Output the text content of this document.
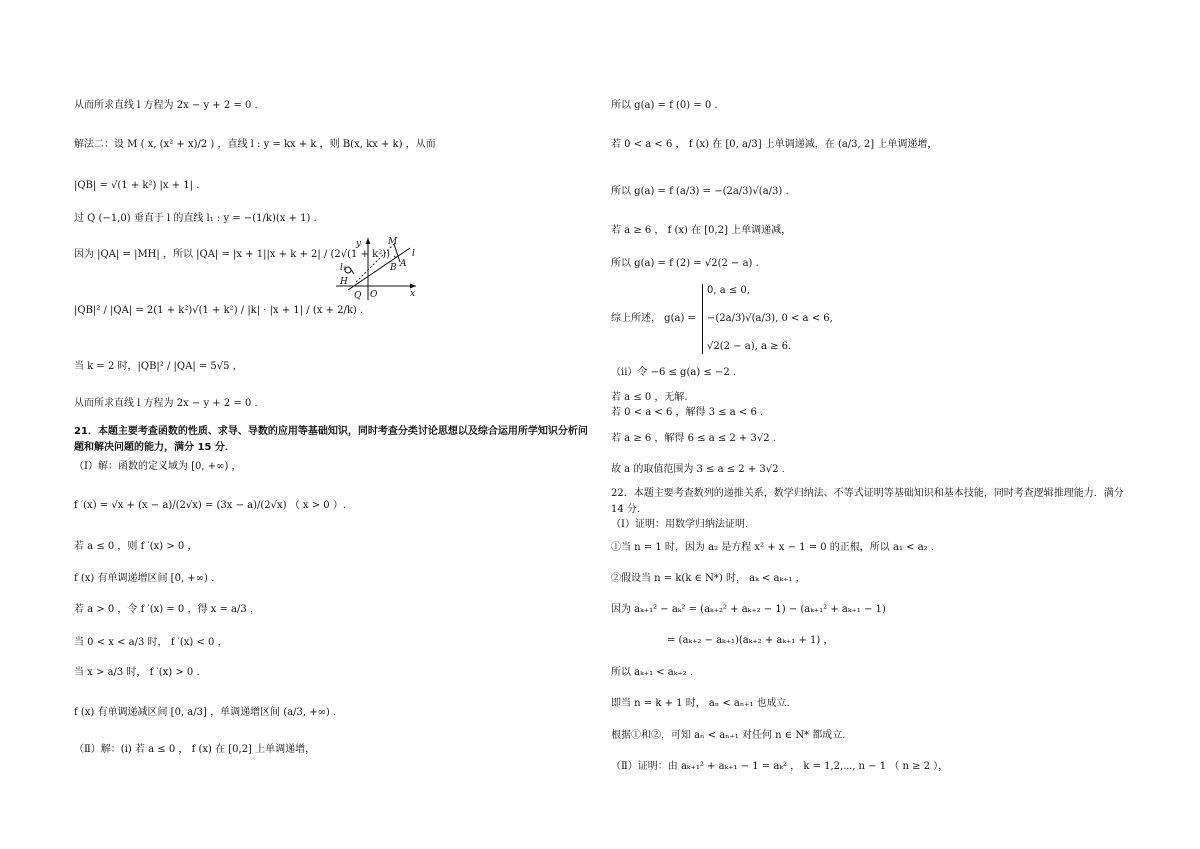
从而所求直线 l 方程为 2x − y + 2 = 0 .
解法二：设 M ( x, (x² + x)/2 ) ，直线 l : y = kx + k ，则 B(x, kx + k) ，从而
|QB| = √(1 + k²) |x + 1| .
过 Q (−1,0) 垂直于 l 的直线 l₁ : y = −(1/k)(x + 1) .
因为 |QA| = |MH| ，所以 |QA| = |x + 1||x + k + 2| / (2√(1 + k²)) ，
|QB|² / |QA| = 2(1 + k²)√(1 + k²) / |k| · |x + 1| / (x + 2/k) .
当 k = 2 时，|QB|² / |QA| = 5√5 ，
从而所求直线 l 方程为 2x − y + 2 = 0 .
21．本题主要考查函数的性质、求导、导数的应用等基础知识，同时考查分类讨论思想以及综合运用所学知识分析问题和解决问题的能力，满分 15 分．
（Ⅰ）解：函数的定义域为 [0, +∞) ，
f ′(x) = √x + (x − a)/(2√x) = (3x − a)/(2√x) （ x > 0 ）.
若 a ≤ 0 ，则 f ′(x) > 0 ，
f (x) 有单调递增区间 [0, +∞) .
若 a > 0 ，令 f ′(x) = 0 ，得 x = a/3 ，
当 0 < x < a/3 时， f ′(x) < 0 ，
当 x > a/3 时， f ′(x) > 0 .
f (x) 有单调递减区间 [0, a/3] ，单调递增区间 (a/3, +∞) .
（Ⅱ）解：(i) 若 a ≤ 0 ， f (x) 在 [0,2] 上单调递增，
y
x
M
l
l₁	B A
H
Q O
所以 g(a) = f (0) = 0 .
若 0 < a < 6 ， f (x) 在 [0, a/3] 上单调递减，在 (a/3, 2] 上单调递增，
所以 g(a) = f (a/3) = −(2a/3)√(a/3) .
若 a ≥ 6 ， f (x) 在 [0,2] 上单调递减，
所以 g(a) = f (2) = √2(2 − a) .
综上所述， g(a) =
0, a ≤ 0,
−(2a/3)√(a/3), 0 < a < 6,
√2(2 − a), a ≥ 6.
（ii）令 −6 ≤ g(a) ≤ −2 .
若 a ≤ 0 ，无解.
若 0 < a < 6 ，解得 3 ≤ a < 6 .
若 a ≥ 6 ，解得 6 ≤ a ≤ 2 + 3√2 .
故 a 的取值范围为 3 ≤ a ≤ 2 + 3√2 .
22．本题主要考查数列的递推关系，数学归纳法、不等式证明等基础知识和基本技能，同时考查逻辑推理能力．满分 14 分．
（Ⅰ）证明：用数学归纳法证明．
①当 n = 1 时，因为 a₂ 是方程 x² + x − 1 = 0 的正根，所以 a₁ < a₂ .
②假设当 n = k(k ∈ N*) 时， aₖ < aₖ₊₁ ，
因为 aₖ₊₁² − aₖ² = (aₖ₊₂² + aₖ₊₂ − 1) − (aₖ₊₁² + aₖ₊₁ − 1)
= (aₖ₊₂ − aₖ₊₁)(aₖ₊₂ + aₖ₊₁ + 1) ，
所以 aₖ₊₁ < aₖ₊₂ .
即当 n = k + 1 时， aₙ < aₙ₊₁ 也成立.
根据①和②，可知 aₙ < aₙ₊₁ 对任何 n ∈ N* 都成立.
（Ⅱ）证明：由 aₖ₊₁² + aₖ₊₁ − 1 = aₖ² ， k = 1,2,⋯, n − 1 （ n ≥ 2 ），
